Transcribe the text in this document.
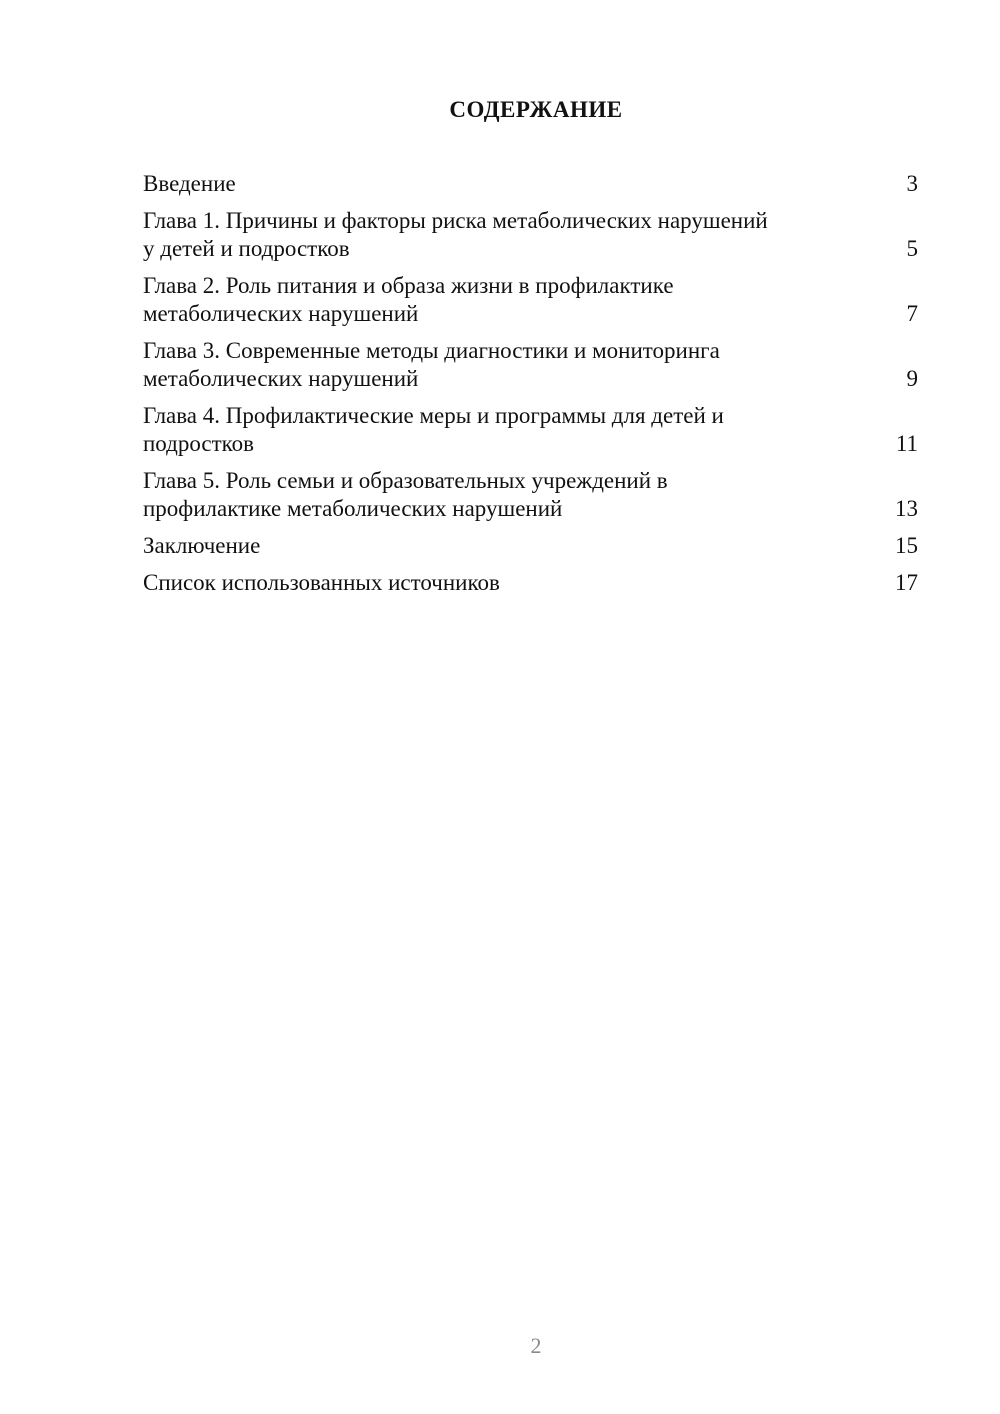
СОДЕРЖАНИЕ
Введение	3
Глава 1. Причины и факторы риска метаболических нарушений
у детей и подростков	5
Глава 2. Роль питания и образа жизни в профилактике
метаболических нарушений	7
Глава 3. Современные методы диагностики и мониторинга
метаболических нарушений	9
Глава 4. Профилактические меры и программы для детей и
подростков	11
Глава 5. Роль семьи и образовательных учреждений в
профилактике метаболических нарушений	13
Заключение	15
Список использованных источников	17
2
